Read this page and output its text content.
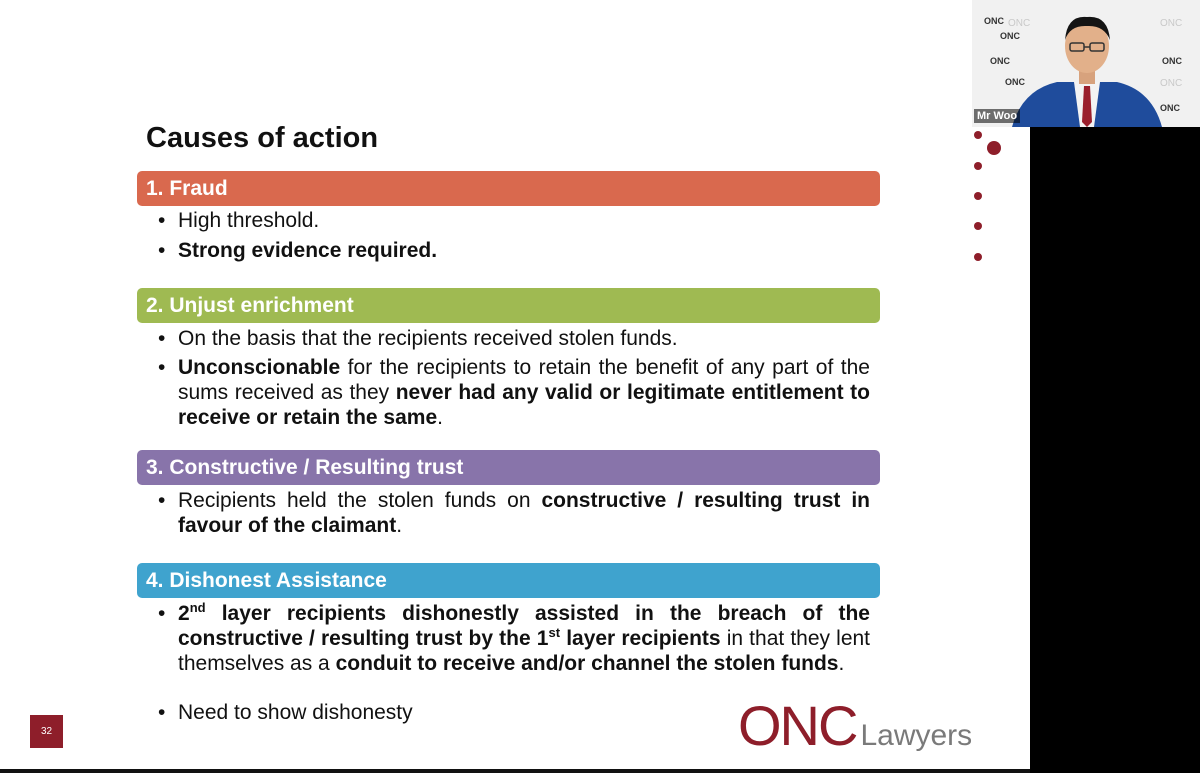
Causes of action
1. Fraud
• High threshold.
• Strong evidence required.
2. Unjust enrichment
• On the basis that the recipients received stolen funds.
• Unconscionable for the recipients to retain the benefit of any part of the sums received as they never had any valid or legitimate entitlement to receive or retain the same.
3. Constructive / Resulting trust
• Recipients held the stolen funds on constructive / resulting trust in favour of the claimant.
4. Dishonest Assistance
• 2nd layer recipients dishonestly assisted in the breach of the constructive / resulting trust by the 1st layer recipients in that they lent themselves as a conduit to receive and/or channel the stolen funds.
• Need to show dishonesty
32	ONC Lawyers
ONC ONC
ONC
ONC
ONC
ONC
ONC
ONC
ONC
Mr Woo
